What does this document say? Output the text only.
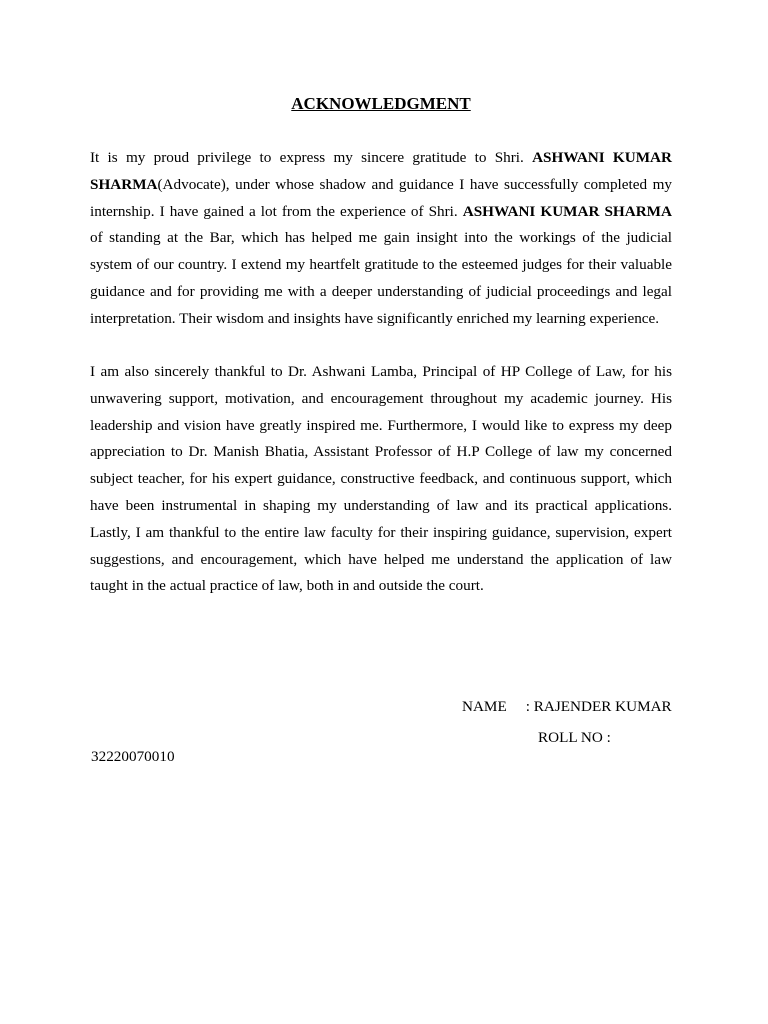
ACKNOWLEDGMENT

It is my proud privilege to express my sincere gratitude to Shri. ASHWANI KUMAR SHARMA(Advocate), under whose shadow and guidance I have successfully completed my internship. I have gained a lot from the experience of Shri. ASHWANI KUMAR SHARMA of standing at the Bar, which has helped me gain insight into the workings of the judicial system of our country. I extend my heartfelt gratitude to the esteemed judges for their valuable guidance and for providing me with a deeper understanding of judicial proceedings and legal interpretation. Their wisdom and insights have significantly enriched my learning experience.

I am also sincerely thankful to Dr. Ashwani Lamba, Principal of HP College of Law, for his unwavering support, motivation, and encouragement throughout my academic journey. His leadership and vision have greatly inspired me. Furthermore, I would like to express my deep appreciation to Dr. Manish Bhatia, Assistant Professor of H.P College of law my concerned subject teacher, for his expert guidance, constructive feedback, and continuous support, which have been instrumental in shaping my understanding of law and its practical applications. Lastly, I am thankful to the entire law faculty for their inspiring guidance, supervision, expert suggestions, and encouragement, which have helped me understand the application of law taught in the actual practice of law, both in and outside the court.

NAME     : RAJENDER KUMAR
ROLL NO :
32220070010
